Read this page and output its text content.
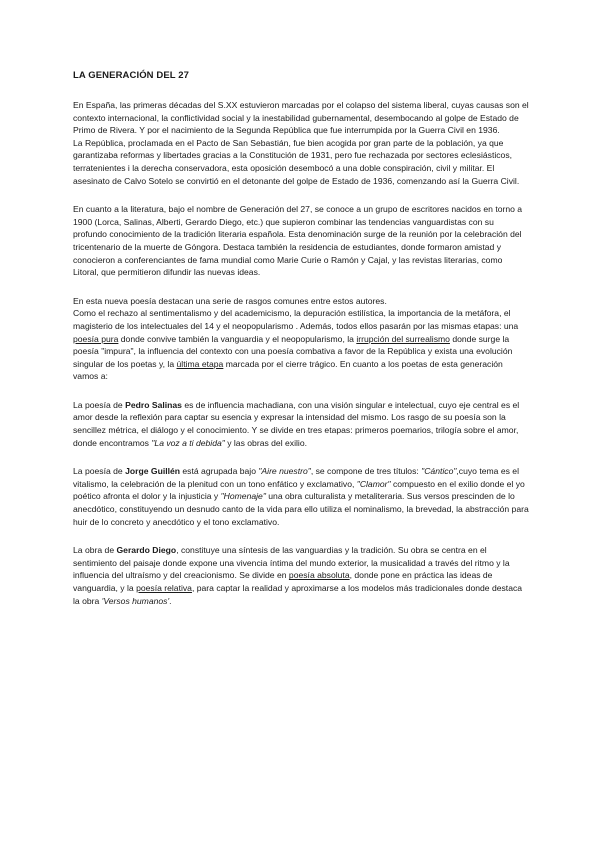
LA GENERACIÓN DEL 27

En España, las primeras décadas del S.XX estuvieron marcadas por el colapso del sistema liberal, cuyas causas son el contexto internacional, la conflictividad social y la inestabilidad gubernamental, desembocando al golpe de Estado de Primo de Rivera. Y por el nacimiento de la Segunda República que fue interrumpida por la Guerra Civil en 1936.
La República, proclamada en el Pacto de San Sebastián, fue bien acogida por gran parte de la población, ya que garantizaba reformas y libertades gracias a la Constitución de 1931, pero fue rechazada por sectores eclesiásticos, terratenientes i la derecha conservadora, esta oposición desembocó a una doble conspiración, civil y militar. El asesinato de Calvo Sotelo se convirtió en el detonante del golpe de Estado de 1936, comenzando así la Guerra Civil.

En cuanto a la literatura, bajo el nombre de Generación del 27, se conoce a un grupo de escritores nacidos en torno a 1900 (Lorca, Salinas, Alberti, Gerardo Diego, etc.) que supieron combinar las tendencias vanguardistas con su profundo conocimiento de la tradición literaria española. Esta denominación surge de la reunión por la celebración del tricentenario de la muerte de Góngora. Destaca también la residencia de estudiantes, donde formaron amistad y conocieron a conferenciantes de fama mundial como Marie Curie o Ramón y Cajal, y las revistas literarias, como Litoral, que permitieron difundir las nuevas ideas.

En esta nueva poesía destacan una serie de rasgos comunes entre estos autores.
Como el rechazo al sentimentalismo y del academicismo, la depuración estilística, la importancia de la metáfora, el magisterio de los intelectuales del 14 y el neopopularismo . Además, todos ellos pasarán por las mismas etapas: una poesía pura donde convive también la vanguardia y el neopopularismo, la irrupción del surrealismo donde surge la poesía "impura", la influencia del contexto con una poesía combativa a favor de la República y exista una evolución singular de los poetas y, la última etapa marcada por el cierre trágico. En cuanto a los poetas de esta generación vamos a:

La poesía de Pedro Salinas es de influencia machadiana, con una visión singular e intelectual, cuyo eje central es el amor desde la reflexión para captar su esencia y expresar la intensidad del mismo. Los rasgo de su poesía son la sencillez métrica, el diálogo y el conocimiento. Y se divide en tres etapas: primeros poemarios, trilogía sobre el amor, donde encontramos "La voz a ti debida" y las obras del exilio.

La poesía de Jorge Guillén está agrupada bajo "Aire nuestro", se compone de tres títulos: "Cántico",cuyo tema es el vitalismo, la celebración de la plenitud con un tono enfático y exclamativo, "Clamor" compuesto en el exilio donde el yo poético afronta el dolor y la injusticia y "Homenaje" una obra culturalista y metaliteraria. Sus versos prescinden de lo anecdótico, constituyendo un desnudo canto de la vida para ello utiliza el nominalismo, la brevedad, la abstracción para huir de lo concreto y anecdótico y el tono exclamativo.

La obra de Gerardo Diego, constituye una síntesis de las vanguardias y la tradición. Su obra se centra en el sentimiento del paisaje donde expone una vivencia íntima del mundo exterior, la musicalidad a través del ritmo y la influencia del ultraísmo y del creacionismo. Se divide en poesía absoluta, donde pone en práctica las ideas de vanguardia, y la poesía relativa, para captar la realidad y aproximarse a los modelos más tradicionales donde destaca la obra 'Versos humanos'.
